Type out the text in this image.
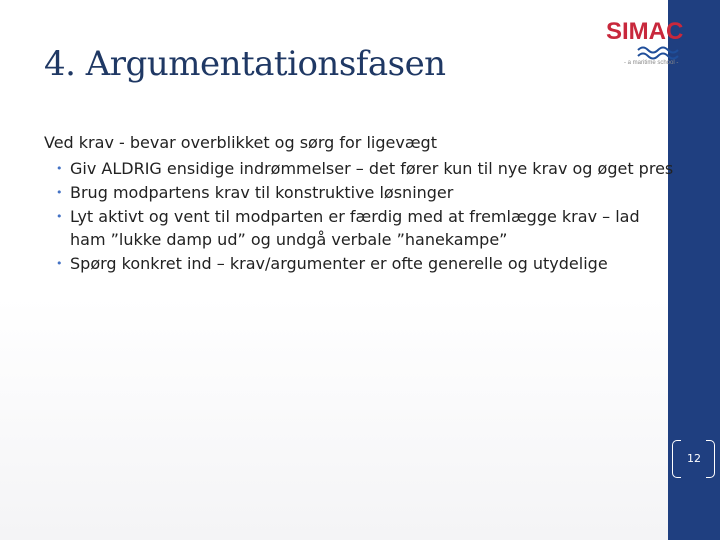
4. Argumentationsfasen
SIMAC
- a maritime school -
Ved krav - bevar overblikket og sørg for ligevægt
• Giv ALDRIG ensidige indrømmelser – det fører kun til nye krav og øget pres
• Brug modpartens krav til konstruktive løsninger
• Lyt aktivt og vent til modparten er færdig med at fremlægge krav – lad ham ”lukke damp ud” og undgå verbale ”hanekampe”
• Spørg konkret ind – krav/argumenter er ofte generelle og utydelige
12
